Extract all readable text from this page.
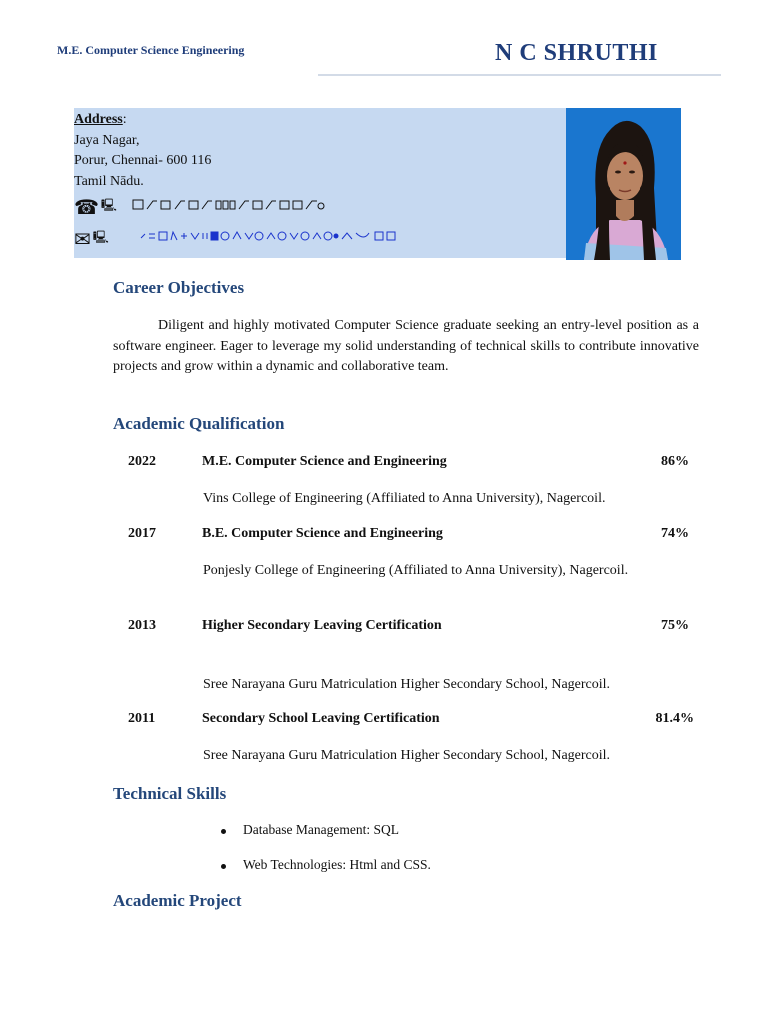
M.E. Computer Science Engineering	N C SHRUTHI
Address:
Jaya Nagar,
Porur, Chennai- 600 116
Tamil Nādu.
☎ 🖳
✉ 🖳
Career Objectives
Diligent and highly motivated Computer Science graduate seeking an entry-level position as a software engineer. Eager to leverage my solid understanding of technical skills to contribute innovative projects and grow within a dynamic and collaborative team.
Academic Qualification
2022	M.E. Computer Science and Engineering	86%
Vins College of Engineering (Affiliated to Anna University), Nagercoil.
2017	B.E. Computer Science and Engineering	74%
Ponjesly College of Engineering (Affiliated to Anna University), Nagercoil.
2013	Higher Secondary Leaving Certification	75%
Sree Narayana Guru Matriculation Higher Secondary School, Nagercoil.
2011	Secondary School Leaving Certification	81.4%
Sree Narayana Guru Matriculation Higher Secondary School, Nagercoil.
Technical Skills
Database Management: SQL
Web Technologies: Html and CSS.
Academic Project
